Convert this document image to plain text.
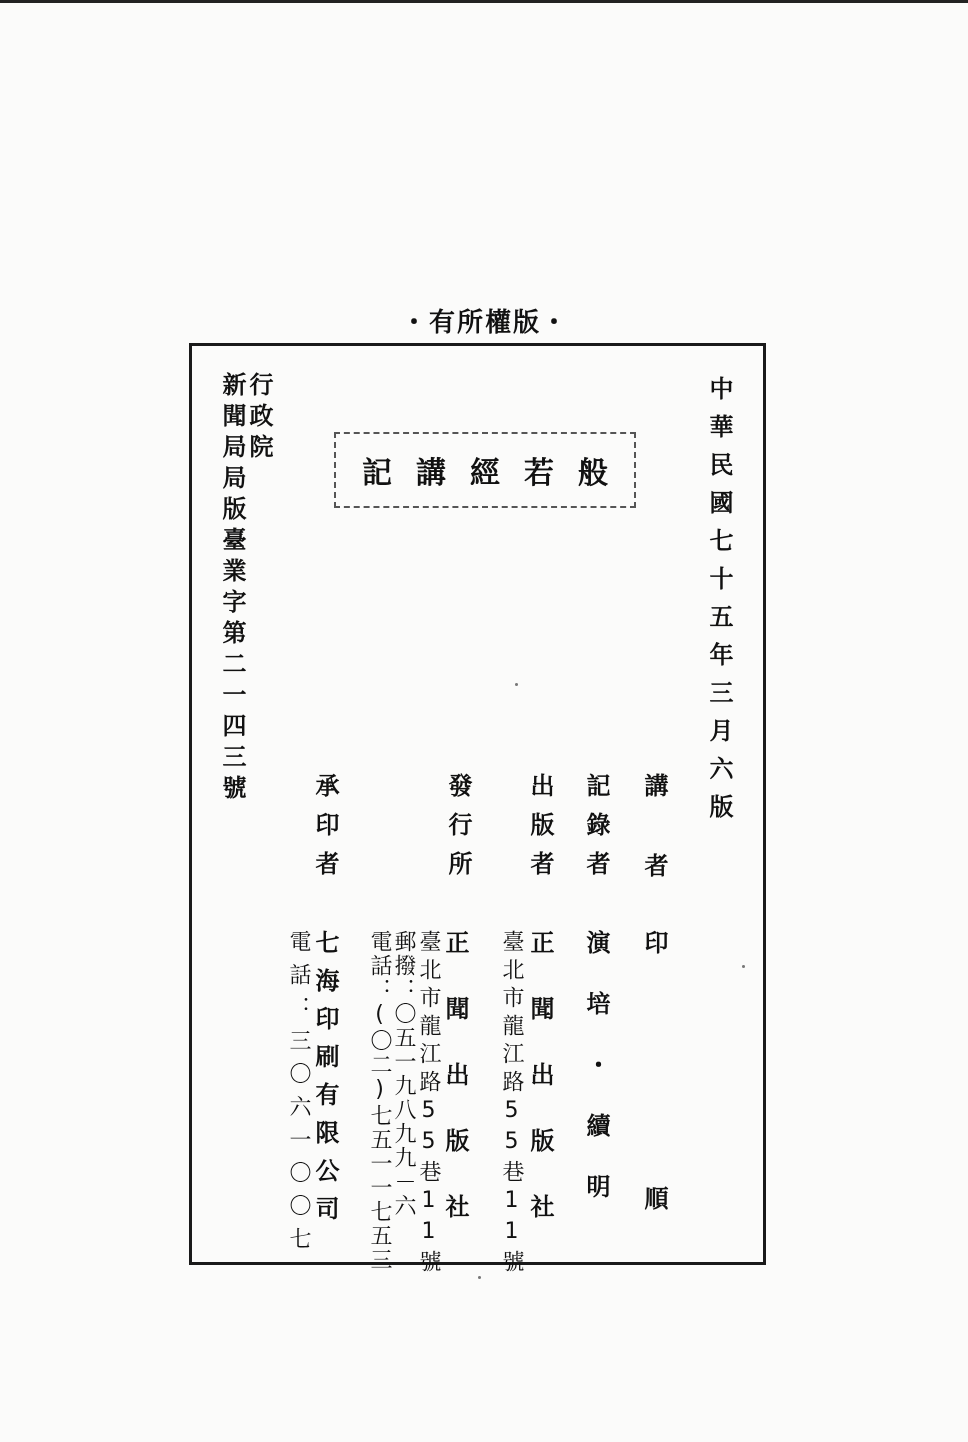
・有所權版・
中華民國七十五年三月六版
般若經講記
行政院
新聞局局版臺業字第二一四三號
講者
記錄者
出版者
發行所
承印者
印順
演培・續明
正聞出版社
臺北市龍江路55巷11號
正聞出版社
臺北市龍江路55巷11號
郵撥：〇五一九八九九－六
電話：(〇二)七五一一七五三
七海印刷有限公司
電話：三〇六一〇〇七
